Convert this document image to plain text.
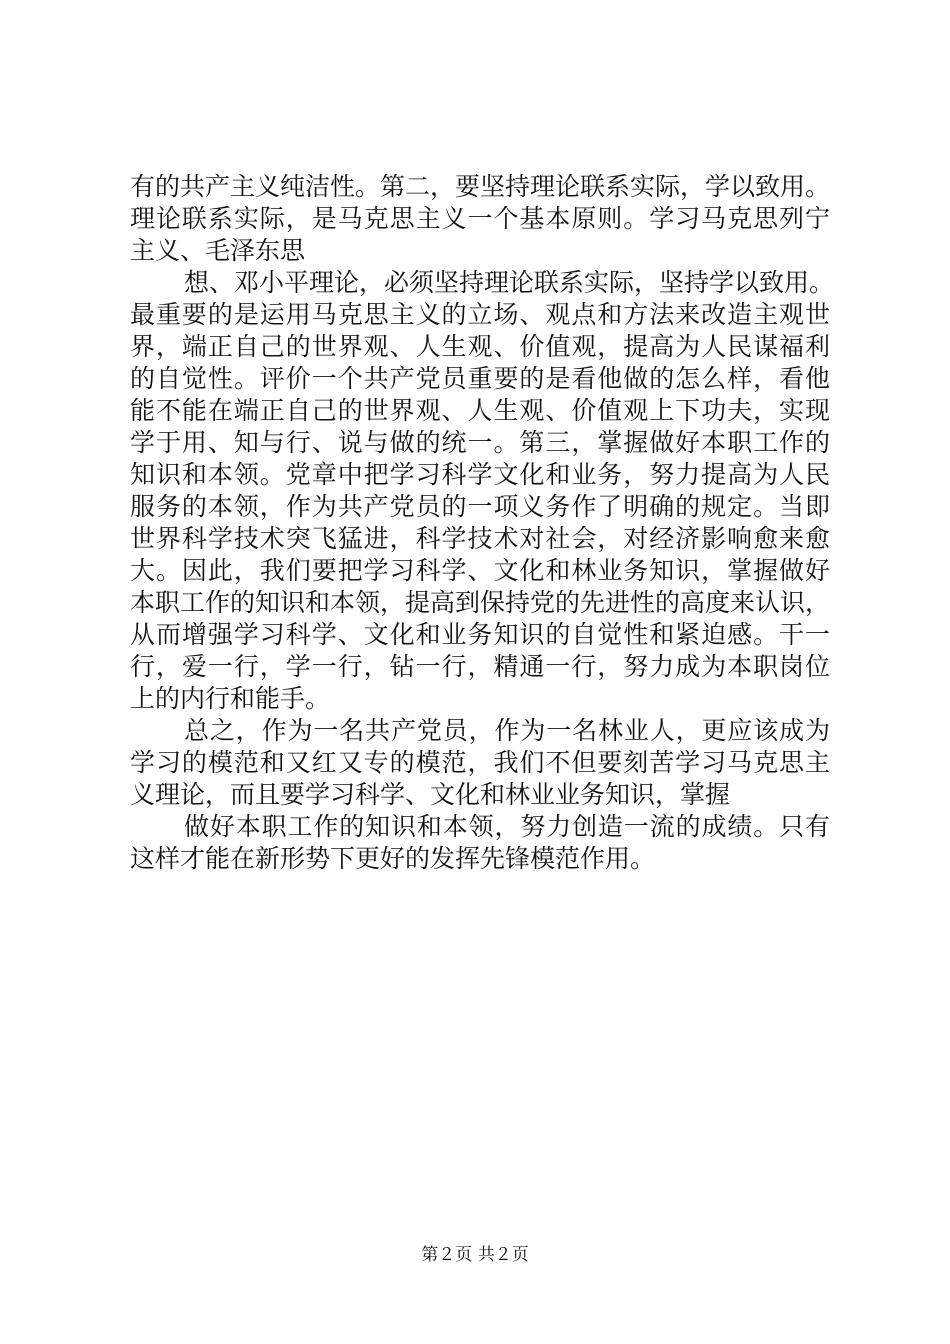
有的共产主义纯洁性。第二，要坚持理论联系实际，学以致用。
理论联系实际，是马克思主义一个基本原则。学习马克思列宁
主义、毛泽东思
想、邓小平理论，必须坚持理论联系实际，坚持学以致用。
最重要的是运用马克思主义的立场、观点和方法来改造主观世
界，端正自己的世界观、人生观、价值观，提高为人民谋福利
的自觉性。评价一个共产党员重要的是看他做的怎么样，看他
能不能在端正自己的世界观、人生观、价值观上下功夫，实现
学于用、知与行、说与做的统一。第三，掌握做好本职工作的
知识和本领。党章中把学习科学文化和业务，努力提高为人民
服务的本领，作为共产党员的一项义务作了明确的规定。当即
世界科学技术突飞猛进，科学技术对社会，对经济影响愈来愈
大。因此，我们要把学习科学、文化和林业务知识，掌握做好
本职工作的知识和本领，提高到保持党的先进性的高度来认识，
从而增强学习科学、文化和业务知识的自觉性和紧迫感。干一
行，爱一行，学一行，钻一行，精通一行，努力成为本职岗位
上的内行和能手。
总之，作为一名共产党员，作为一名林业人，更应该成为
学习的模范和又红又专的模范，我们不但要刻苦学习马克思主
义理论，而且要学习科学、文化和林业业务知识，掌握
做好本职工作的知识和本领，努力创造一流的成绩。只有
这样才能在新形势下更好的发挥先锋模范作用。
第２页 共２页
